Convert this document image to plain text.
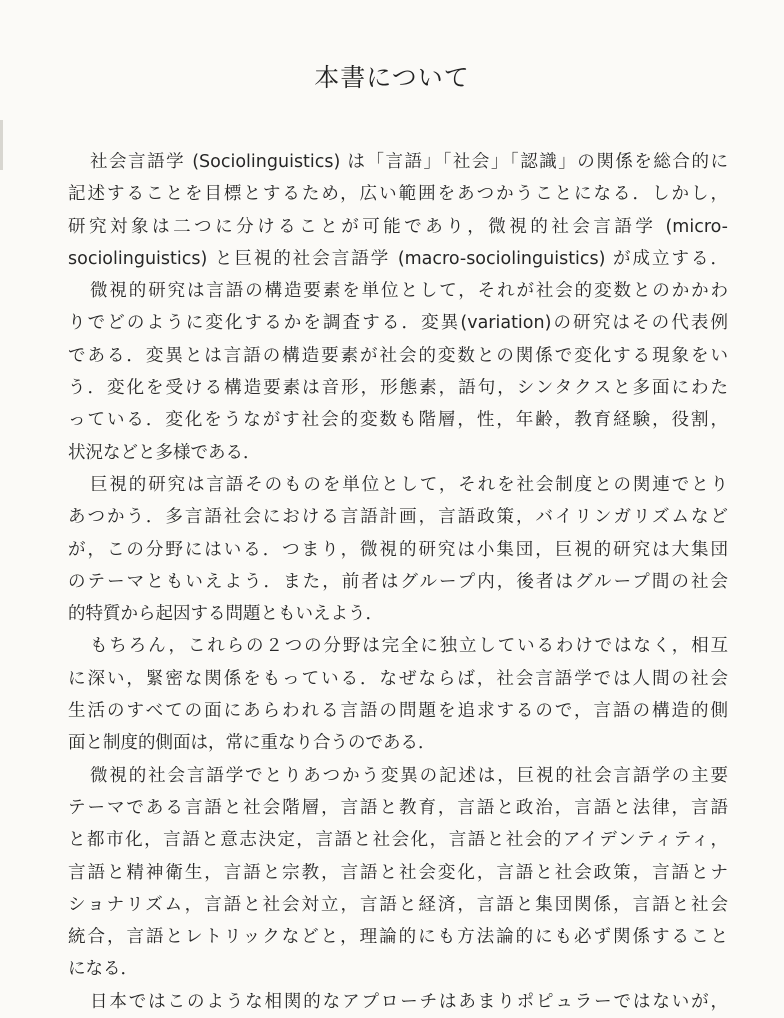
本書について
社会言語学 (Sociolinguistics) は「言語」「社会」「認識」の関係を総合的に
記述することを目標とするため，広い範囲をあつかうことになる．しかし，
研究対象は二つに分けることが可能であり，微視的社会言語学 (micro-
sociolinguistics) と巨視的社会言語学 (macro-sociolinguistics) が成立する．
微視的研究は言語の構造要素を単位として，それが社会的変数とのかかわ
りでどのように変化するかを調査する．変異(variation)の研究はその代表例
である．変異とは言語の構造要素が社会的変数との関係で変化する現象をい
う．変化を受ける構造要素は音形，形態素，語句，シンタクスと多面にわた
っている．変化をうながす社会的変数も階層，性，年齢，教育経験，役割，
状況などと多様である．
巨視的研究は言語そのものを単位として，それを社会制度との関連でとり
あつかう．多言語社会における言語計画，言語政策，バイリンガリズムなど
が，この分野にはいる．つまり，微視的研究は小集団，巨視的研究は大集団
のテーマともいえよう．また，前者はグループ内，後者はグループ間の社会
的特質から起因する問題ともいえよう．
もちろん，これらの２つの分野は完全に独立しているわけではなく，相互
に深い，緊密な関係をもっている．なぜならば，社会言語学では人間の社会
生活のすべての面にあらわれる言語の問題を追求するので，言語の構造的側
面と制度的側面は，常に重なり合うのである．
微視的社会言語学でとりあつかう変異の記述は，巨視的社会言語学の主要
テーマである言語と社会階層，言語と教育，言語と政治，言語と法律，言語
と都市化，言語と意志決定，言語と社会化，言語と社会的アイデンティティ，
言語と精神衛生，言語と宗教，言語と社会変化，言語と社会政策，言語とナ
ショナリズム，言語と社会対立，言語と経済，言語と集団関係，言語と社会
統合，言語とレトリックなどと，理論的にも方法論的にも必ず関係すること
になる．
日本ではこのような相関的なアプローチはあまりポピュラーではないが，
